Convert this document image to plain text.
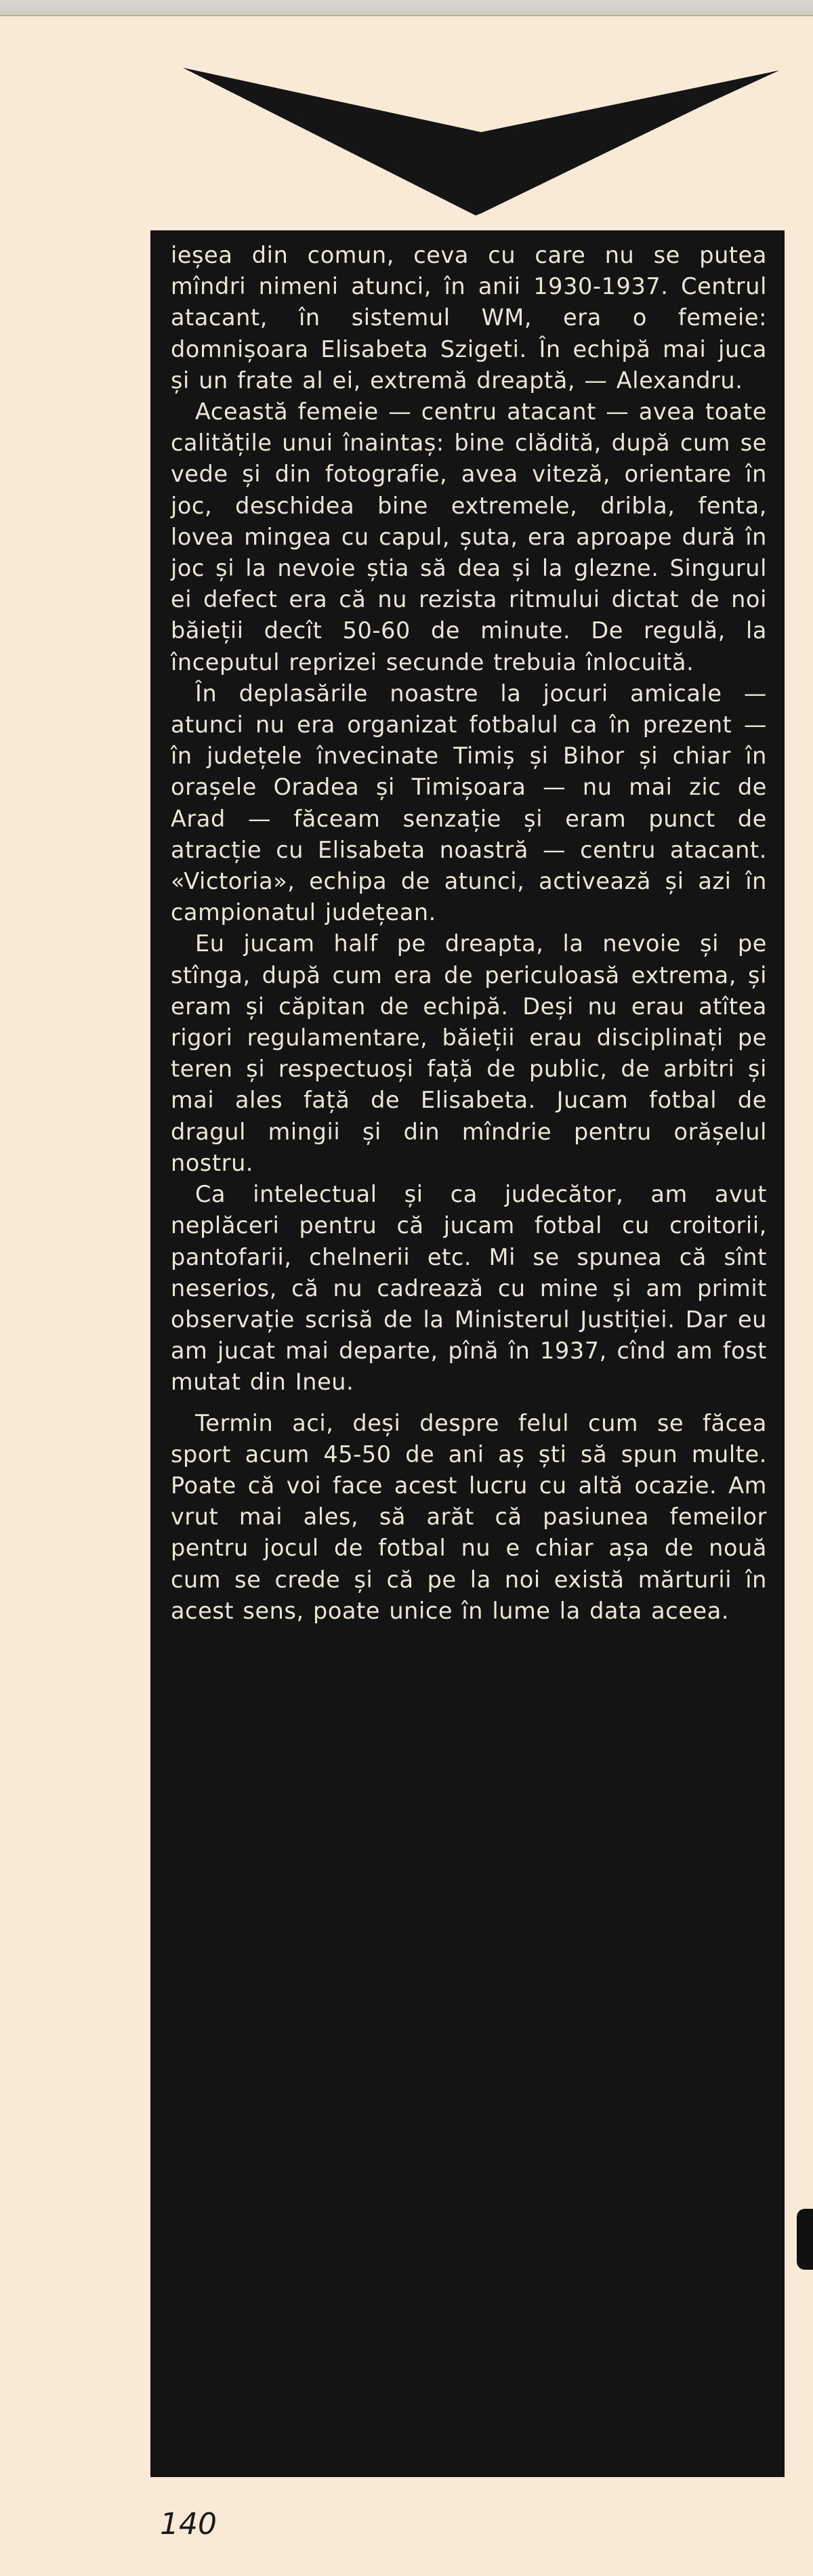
ieșea din comun, ceva cu care nu se putea mîndri nimeni atunci, în anii 1930-1937. Centrul atacant, în sistemul WM, era o femeie: domnișoara Elisabeta Szigeti. În echipă mai juca și un frate al ei, extremă dreaptă, — Alexandru.

Această femeie — centru atacant — avea toate calitățile unui înaintaș: bine clădită, după cum se vede și din fotografie, avea viteză, orientare în joc, deschidea bine extremele, dribla, fenta, lovea mingea cu capul, șuta, era aproape dură în joc și la nevoie știa să dea și la glezne. Singurul ei defect era că nu rezista ritmului dictat de noi băieții decît 50-60 de minute. De regulă, la începutul reprizei secunde trebuia înlocuită.

În deplasările noastre la jocuri amicale — atunci nu era organizat fotbalul ca în prezent — în județele învecinate Timiș și Bihor și chiar în orașele Oradea și Timișoara — nu mai zic de Arad — făceam senzație și eram punct de atracție cu Elisabeta noastră — centru atacant. «Victoria», echipa de atunci, activează și azi în campionatul județean.

Eu jucam half pe dreapta, la nevoie și pe stînga, după cum era de periculoasă extrema, și eram și căpitan de echipă. Deși nu erau atîtea rigori regulamentare, băieții erau disciplinați pe teren și respectuoși față de public, de arbitri și mai ales față de Elisabeta. Jucam fotbal de dragul mingii și din mîndrie pentru orășelul nostru.

Ca intelectual și ca judecător, am avut neplăceri pentru că jucam fotbal cu croitorii, pantofarii, chelnerii etc. Mi se spunea că sînt neserios, că nu cadrează cu mine și am primit observație scrisă de la Ministerul Justiției. Dar eu am jucat mai departe, pînă în 1937, cînd am fost mutat din Ineu.

Termin aci, deși despre felul cum se făcea sport acum 45-50 de ani aș ști să spun multe. Poate că voi face acest lucru cu altă ocazie. Am vrut mai ales, să arăt că pasiunea femeilor pentru jocul de fotbal nu e chiar așa de nouă cum se crede și că pe la noi există mărturii în acest sens, poate unice în lume la data aceea.

140
